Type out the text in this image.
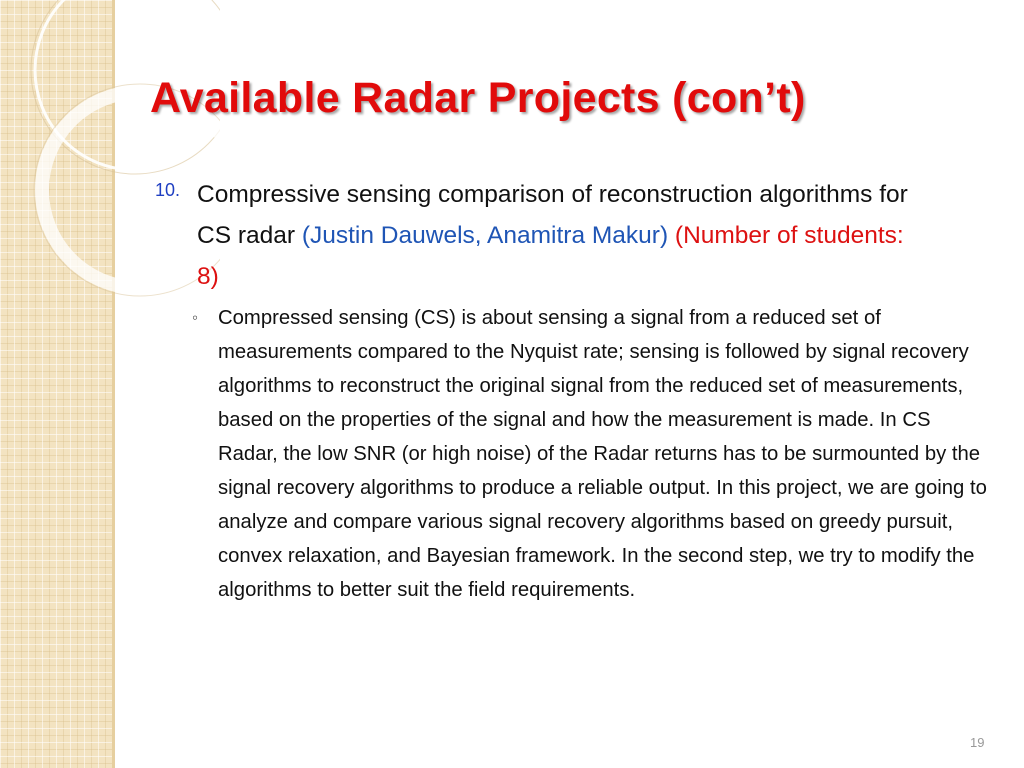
Available Radar Projects (con’t)
10. Compressive sensing comparison of reconstruction algorithms for CS radar (Justin Dauwels, Anamitra Makur) (Number of students: 8)
◦ Compressed sensing (CS) is about sensing a signal from a reduced set of measurements compared to the Nyquist rate; sensing is followed by signal recovery algorithms to reconstruct the original signal from the reduced set of measurements, based on the properties of the signal and how the measurement is made. In CS Radar, the low SNR (or high noise) of the Radar returns has to be surmounted by the signal recovery algorithms to produce a reliable output. In this project, we are going to analyze and compare various signal recovery algorithms based on greedy pursuit, convex relaxation, and Bayesian framework. In the second step, we try to modify the algorithms to better suit the field requirements.
19
